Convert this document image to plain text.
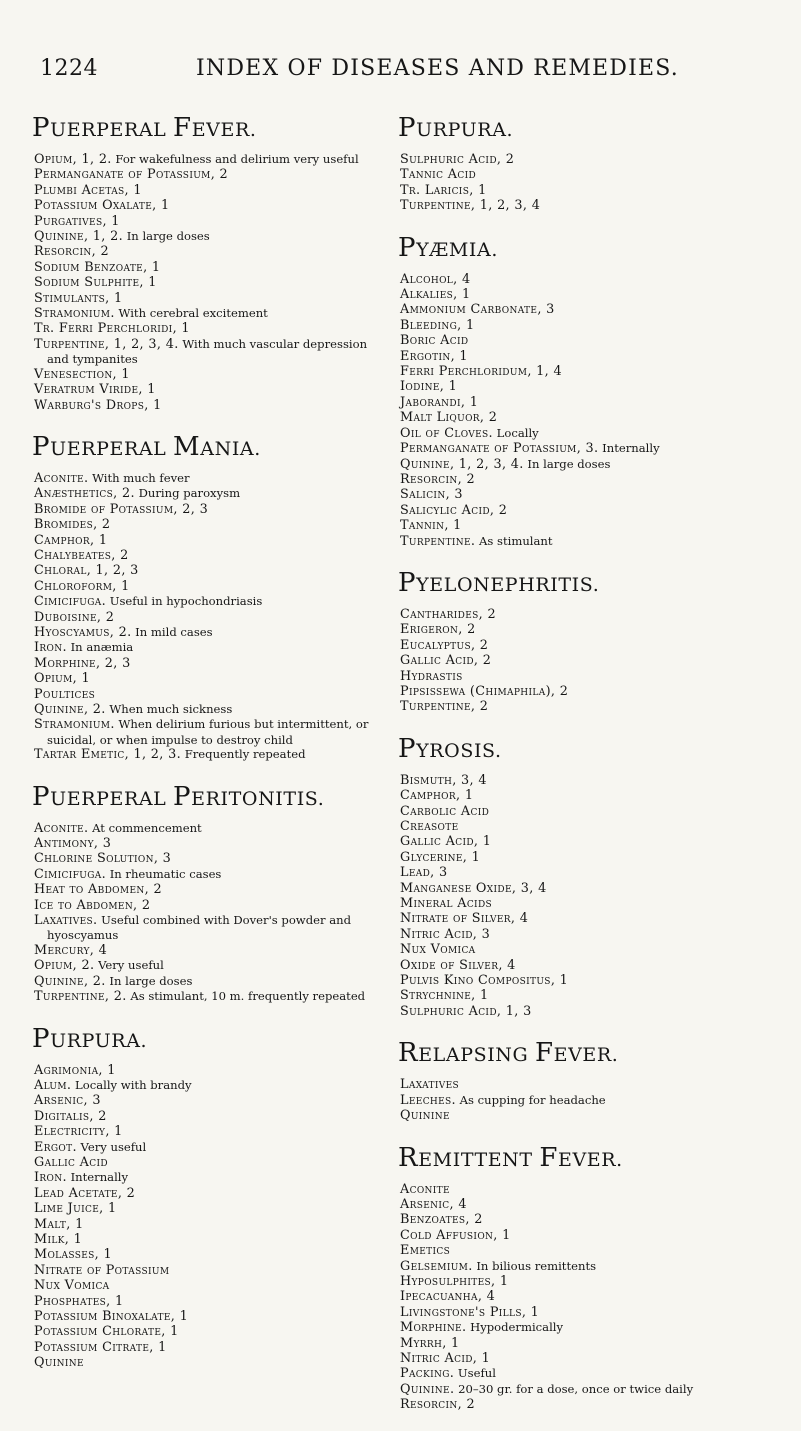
1224	INDEX OF DISEASES AND REMEDIES.
PUERPERAL FEVER.
Opium, 1, 2. For wakefulness and delirium very useful
Permanganate of Potassium, 2
Plumbi Acetas, 1
Potassium Oxalate, 1
Purgatives, 1
Quinine, 1, 2. In large doses
Resorcin, 2
Sodium Benzoate, 1
Sodium Sulphite, 1
Stimulants, 1
Stramonium. With cerebral excitement
Tr. Ferri Perchloridi, 1
Turpentine, 1, 2, 3, 4. With much vascular depression and tympanites
Venesection, 1
Veratrum Viride, 1
Warburg's Drops, 1
PUERPERAL MANIA.
Aconite. With much fever
Anæsthetics, 2. During paroxysm
Bromide of Potassium, 2, 3
Bromides, 2
Camphor, 1
Chalybeates, 2
Chloral, 1, 2, 3
Chloroform, 1
Cimicifuga. Useful in hypochondriasis
Duboisine, 2
Hyoscyamus, 2. In mild cases
Iron. In anæmia
Morphine, 2, 3
Opium, 1
Poultices
Quinine, 2. When much sickness
Stramonium. When delirium furious but intermittent, or suicidal, or when impulse to destroy child
Tartar Emetic, 1, 2, 3. Frequently repeated
PUERPERAL PERITONITIS.
Aconite. At commencement
Antimony, 3
Chlorine Solution, 3
Cimicifuga. In rheumatic cases
Heat to Abdomen, 2
Ice to Abdomen, 2
Laxatives. Useful combined with Dover's powder and hyoscyamus
Mercury, 4
Opium, 2. Very useful
Quinine, 2. In large doses
Turpentine, 2. As stimulant, 10 m. frequently repeated
PURPURA.
Agrimonia, 1
Alum. Locally with brandy
Arsenic, 3
Digitalis, 2
Electricity, 1
Ergot. Very useful
Gallic Acid
Iron. Internally
Lead Acetate, 2
Lime Juice, 1
Malt, 1
Milk, 1
Molasses, 1
Nitrate of Potassium
Nux Vomica
Phosphates, 1
Potassium Binoxalate, 1
Potassium Chlorate, 1
Potassium Citrate, 1
Quinine
PURPURA.
Sulphuric Acid, 2
Tannic Acid
Tr. Laricis, 1
Turpentine, 1, 2, 3, 4
PYÆMIA.
Alcohol, 4
Alkalies, 1
Ammonium Carbonate, 3
Bleeding, 1
Boric Acid
Ergotin, 1
Ferri Perchloridum, 1, 4
Iodine, 1
Jaborandi, 1
Malt Liquor, 2
Oil of Cloves. Locally
Permanganate of Potassium, 3. Internally
Quinine, 1, 2, 3, 4. In large doses
Resorcin, 2
Salicin, 3
Salicylic Acid, 2
Tannin, 1
Turpentine. As stimulant
PYELONEPHRITIS.
Cantharides, 2
Erigeron, 2
Eucalyptus, 2
Gallic Acid, 2
Hydrastis
Pipsissewa (Chimaphila), 2
Turpentine, 2
PYROSIS.
Bismuth, 3, 4
Camphor, 1
Carbolic Acid
Creasote
Gallic Acid, 1
Glycerine, 1
Lead, 3
Manganese Oxide, 3, 4
Mineral Acids
Nitrate of Silver, 4
Nitric Acid, 3
Nux Vomica
Oxide of Silver, 4
Pulvis Kino Compositus, 1
Strychnine, 1
Sulphuric Acid, 1, 3
RELAPSING FEVER.
Laxatives
Leeches. As cupping for headache
Quinine
REMITTENT FEVER.
Aconite
Arsenic, 4
Benzoates, 2
Cold Affusion, 1
Emetics
Gelsemium. In bilious remittents
Hyposulphites, 1
Ipecacuanha, 4
Livingstone's Pills, 1
Morphine. Hypodermically
Myrrh, 1
Nitric Acid, 1
Packing. Useful
Quinine. 20–30 gr. for a dose, once or twice daily
Resorcin, 2
